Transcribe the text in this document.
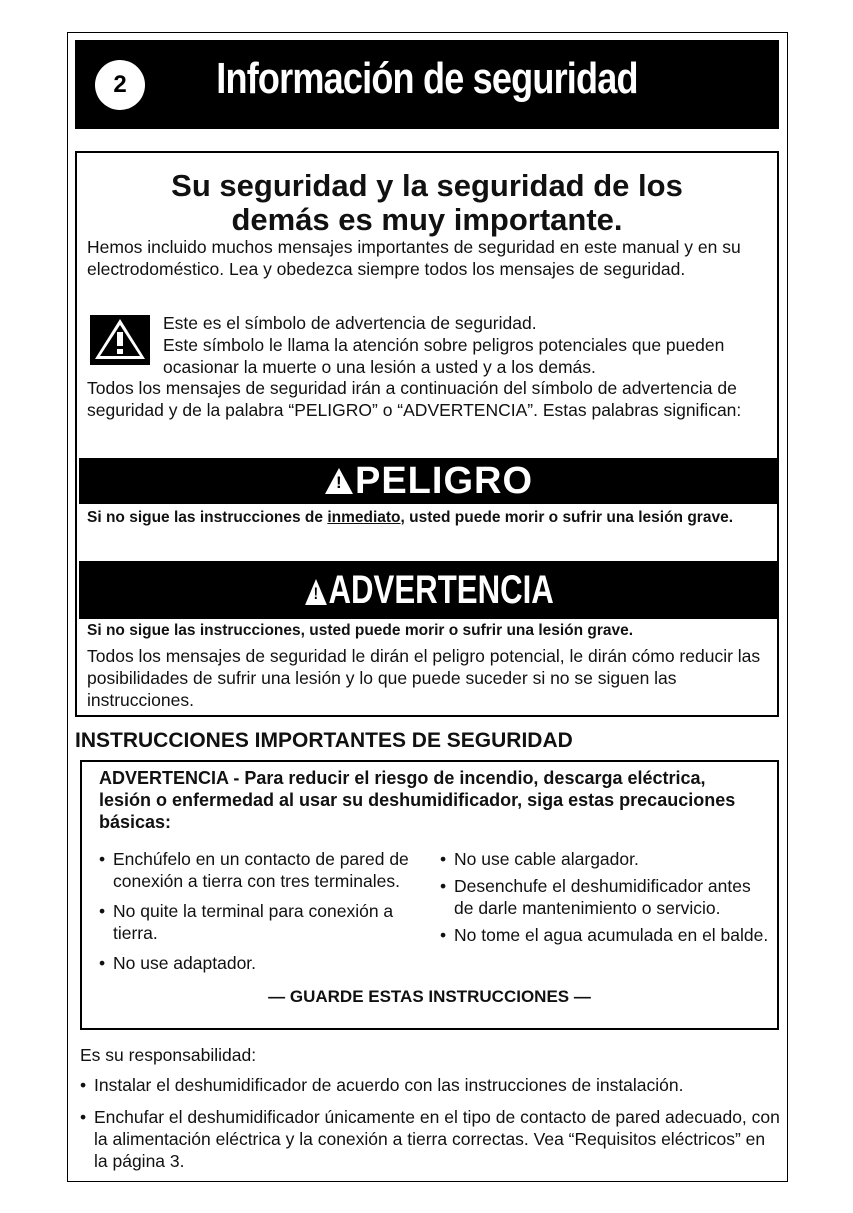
2	Información de seguridad
Su seguridad y la seguridad de los
demás es muy importante.

Hemos incluido muchos mensajes importantes de seguridad en este manual y en su electrodoméstico. Lea y obedezca siempre todos los mensajes de seguridad.

Este es el símbolo de advertencia de seguridad.
Este símbolo le llama la atención sobre peligros potenciales que pueden ocasionar la muerte o una lesión a usted y a los demás.

Todos los mensajes de seguridad irán a continuación del símbolo de advertencia de seguridad y de la palabra “PELIGRO” o “ADVERTENCIA”. Estas palabras significan:

!
PELIGRO
Si no sigue las instrucciones de inmediato, usted puede morir o sufrir una lesión grave.
!ADVERTENCIA
Si no sigue las instrucciones, usted puede morir o sufrir una lesión grave.

Todos los mensajes de seguridad le dirán el peligro potencial, le dirán cómo reducir las posibilidades de sufrir una lesión y lo que puede suceder si no se siguen las instrucciones.

INSTRUCCIONES IMPORTANTES DE SEGURIDAD
ADVERTENCIA - Para reducir el riesgo de incendio, descarga eléctrica, lesión o enfermedad al usar su deshumidificador, siga estas precauciones básicas:
• Enchúfelo en un contacto de pared de conexión a tierra con tres terminales.
• No quite la terminal para conexión a tierra.
• No use adaptador.
• No use cable alargador.
• Desenchufe el deshumidificador antes de darle mantenimiento o servicio.
• No tome el agua acumulada en el balde.
— GUARDE ESTAS INSTRUCCIONES —

Es su responsabilidad:

• Instalar el deshumidificador de acuerdo con las instrucciones de instalación.
• Enchufar el deshumidificador únicamente en el tipo de contacto de pared adecuado, con la alimentación eléctrica y la conexión a tierra correctas. Vea “Requisitos eléctricos” en la página 3.
